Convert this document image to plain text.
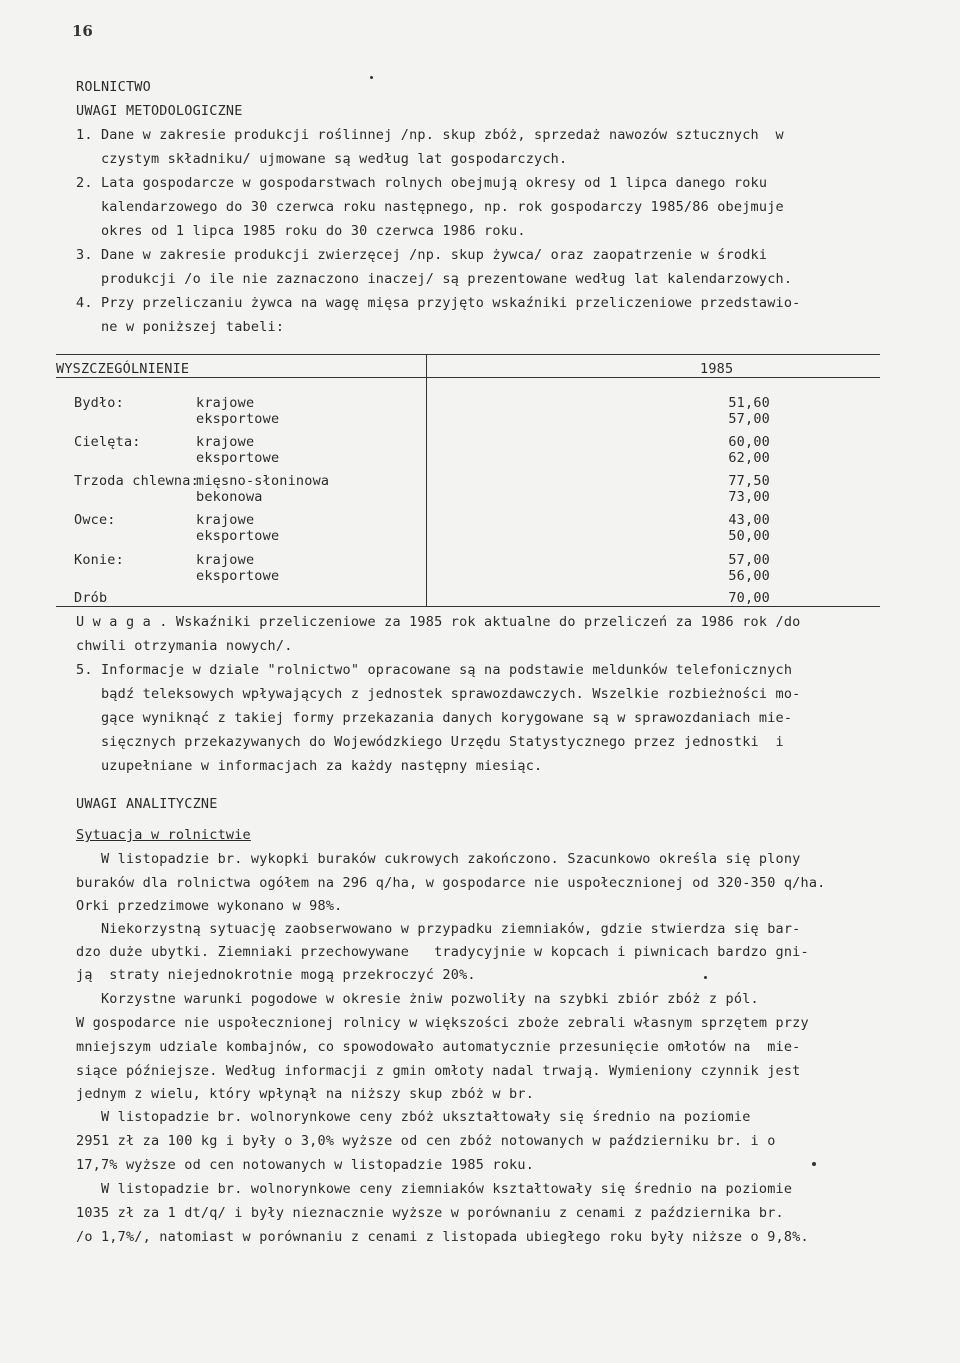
16
ROLNICTWO
UWAGI METODOLOGICZNE
1. Dane w zakresie produkcji roślinnej /np. skup zbóż, sprzedaż nawozów sztucznych  w
czystym składniku/ ujmowane są według lat gospodarczych.
2. Lata gospodarcze w gospodarstwach rolnych obejmują okresy od 1 lipca danego roku
kalendarzowego do 30 czerwca roku następnego, np. rok gospodarczy 1985/86 obejmuje
okres od 1 lipca 1985 roku do 30 czerwca 1986 roku.
3. Dane w zakresie produkcji zwierzęcej /np. skup żywca/ oraz zaopatrzenie w środki
produkcji /o ile nie zaznaczono inaczej/ są prezentowane według lat kalendarzowych.
4. Przy przeliczaniu żywca na wagę mięsa przyjęto wskaźniki przeliczeniowe przedstawio-
ne w poniższej tabeli:
WYSZCZEGÓLNIENIE	1985
Bydło:	krajowe	51,60
eksportowe	57,00
Cielęta:	krajowe	60,00
eksportowe	62,00
Trzoda chlewna:
mięsno-słoninowa	77,50
bekonowa	73,00
Owce:	krajowe	43,00
eksportowe	50,00
Konie:	krajowe	57,00
eksportowe	56,00
Drób	70,00
U w a g a . Wskaźniki przeliczeniowe za 1985 rok aktualne do przeliczeń za 1986 rok /do
chwili otrzymania nowych/.
5. Informacje w dziale "rolnictwo" opracowane są na podstawie meldunków telefonicznych
bądź teleksowych wpływających z jednostek sprawozdawczych. Wszelkie rozbieżności mo-
gące wyniknąć z takiej formy przekazania danych korygowane są w sprawozdaniach mie-
sięcznych przekazywanych do Wojewódzkiego Urzędu Statystycznego przez jednostki  i
uzupełniane w informacjach za każdy następny miesiąc.
UWAGI ANALITYCZNE
Sytuacja w rolnictwie
W listopadzie br. wykopki buraków cukrowych zakończono. Szacunkowo określa się plony
buraków dla rolnictwa ogółem na 296 q/ha, w gospodarce nie uspołecznionej od 320-350 q/ha.
Orki przedzimowe wykonano w 98%.
Niekorzystną sytuację zaobserwowano w przypadku ziemniaków, gdzie stwierdza się bar-
dzo duże ubytki. Ziemniaki przechowywane   tradycyjnie w kopcach i piwnicach bardzo gni-
ją  straty niejednokrotnie mogą przekroczyć 20%.
Korzystne warunki pogodowe w okresie żniw pozwoliły na szybki zbiór zbóż z pól.
W gospodarce nie uspołecznionej rolnicy w większości zboże zebrali własnym sprzętem przy
mniejszym udziale kombajnów, co spowodowało automatycznie przesunięcie omłotów na  mie-
siące późniejsze. Według informacji z gmin omłoty nadal trwają. Wymieniony czynnik jest
jednym z wielu, który wpłynął na niższy skup zbóż w br.
W listopadzie br. wolnorynkowe ceny zbóż ukształtowały się średnio na poziomie
2951 zł za 100 kg i były o 3,0% wyższe od cen zbóż notowanych w październiku br. i o
17,7% wyższe od cen notowanych w listopadzie 1985 roku.
W listopadzie br. wolnorynkowe ceny ziemniaków kształtowały się średnio na poziomie
1035 zł za 1 dt/q/ i były nieznacznie wyższe w porównaniu z cenami z października br.
/o 1,7%/, natomiast w porównaniu z cenami z listopada ubiegłego roku były niższe o 9,8%.
